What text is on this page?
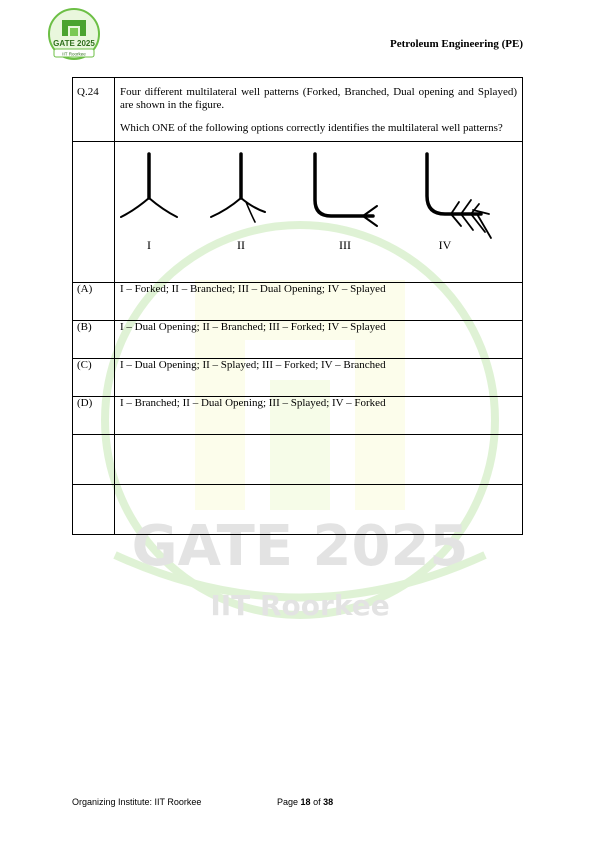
GATE 2025
IIT Roorkee
Petroleum Engineering (PE)
GATE 2025
IIT Roorkee
Q.24	Four different multilateral well patterns (Forked, Branched, Dual opening and Splayed) are shown in the figure.

Which ONE of the following options correctly identifies the multilateral well patterns?

I II III IV

(A)	I – Forked; II – Branched; III – Dual Opening; IV – Splayed
(B)	I – Dual Opening; II – Branched; III – Forked; IV – Splayed
(C)	I – Dual Opening; II – Splayed; III – Forked; IV – Branched
(D)	I – Branched; II – Dual Opening; III – Splayed; IV – Forked

Organizing Institute: IIT Roorkee	Page 18 of 38
